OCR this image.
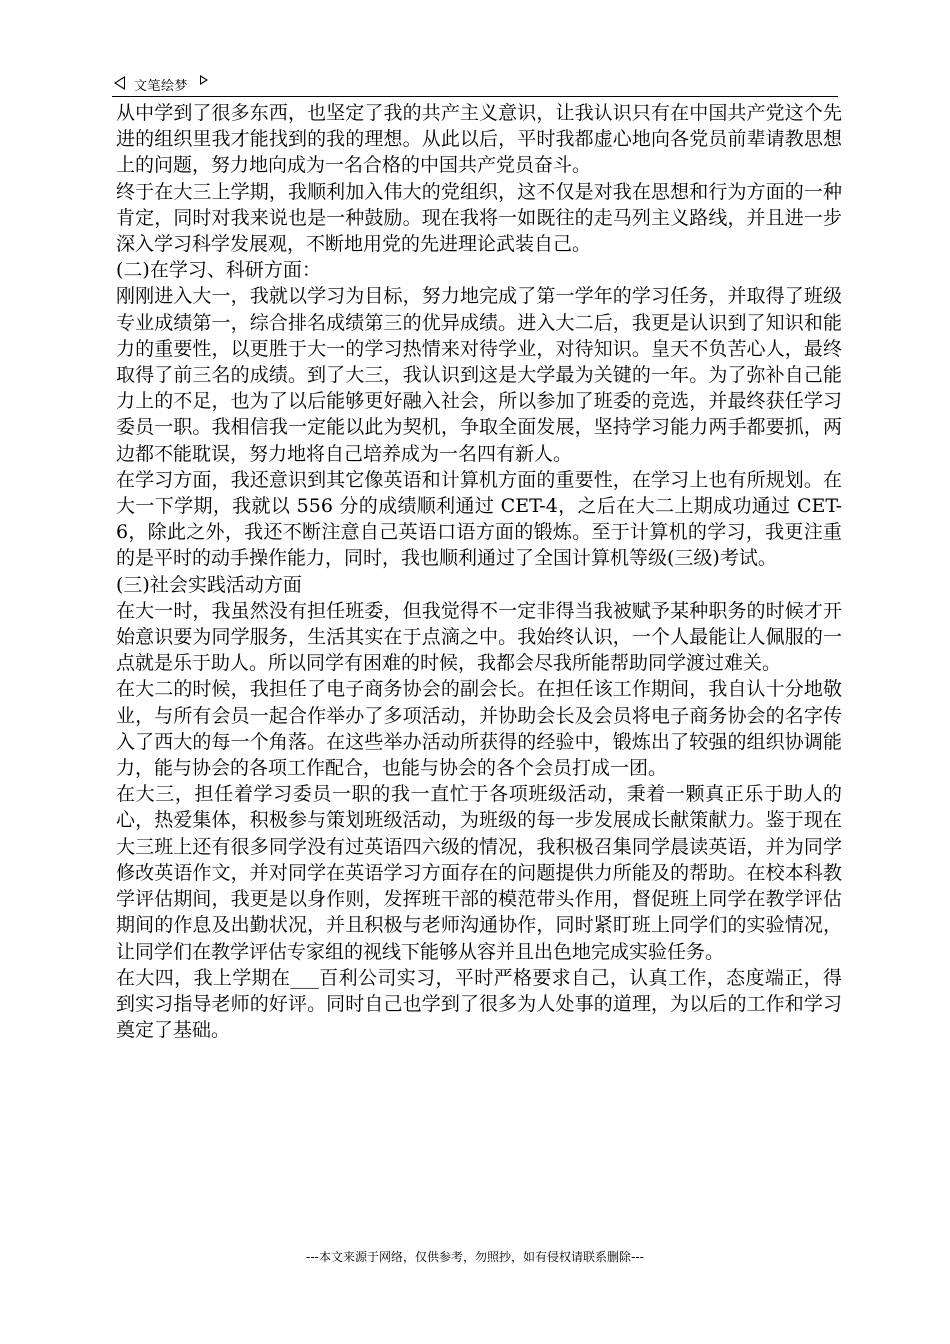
文笔绘梦

从中学到了很多东西，也坚定了我的共产主义意识，让我认识只有在中国共产党这个先进的组织里我才能找到的我的理想。从此以后，平时我都虚心地向各党员前辈请教思想上的问题，努力地向成为一名合格的中国共产党员奋斗。

终于在大三上学期，我顺利加入伟大的党组织，这不仅是对我在思想和行为方面的一种肯定，同时对我来说也是一种鼓励。现在我将一如既往的走马列主义路线，并且进一步深入学习科学发展观，不断地用党的先进理论武装自己。

(二)在学习、科研方面：

刚刚进入大一，我就以学习为目标，努力地完成了第一学年的学习任务，并取得了班级专业成绩第一，综合排名成绩第三的优异成绩。进入大二后，我更是认识到了知识和能力的重要性，以更胜于大一的学习热情来对待学业，对待知识。皇天不负苦心人，最终取得了前三名的成绩。到了大三，我认识到这是大学最为关键的一年。为了弥补自己能力上的不足，也为了以后能够更好融入社会，所以参加了班委的竞选，并最终获任学习委员一职。我相信我一定能以此为契机，争取全面发展，坚持学习能力两手都要抓，两边都不能耽误，努力地将自己培养成为一名四有新人。

在学习方面，我还意识到其它像英语和计算机方面的重要性，在学习上也有所规划。在大一下学期，我就以 556 分的成绩顺利通过 CET-4，之后在大二上期成功通过 CET-6，除此之外，我还不断注意自己英语口语方面的锻炼。至于计算机的学习，我更注重的是平时的动手操作能力，同时，我也顺利通过了全国计算机等级(三级)考试。

(三)社会实践活动方面

在大一时，我虽然没有担任班委，但我觉得不一定非得当我被赋予某种职务的时候才开始意识要为同学服务，生活其实在于点滴之中。我始终认识，一个人最能让人佩服的一点就是乐于助人。所以同学有困难的时候，我都会尽我所能帮助同学渡过难关。

在大二的时候，我担任了电子商务协会的副会长。在担任该工作期间，我自认十分地敬业，与所有会员一起合作举办了多项活动，并协助会长及会员将电子商务协会的名字传入了西大的每一个角落。在这些举办活动所获得的经验中，锻炼出了较强的组织协调能力，能与协会的各项工作配合，也能与协会的各个会员打成一团。

在大三，担任着学习委员一职的我一直忙于各项班级活动，秉着一颗真正乐于助人的心，热爱集体，积极参与策划班级活动，为班级的每一步发展成长献策献力。鉴于现在大三班上还有很多同学没有过英语四六级的情况，我积极召集同学晨读英语，并为同学修改英语作文，并对同学在英语学习方面存在的问题提供力所能及的帮助。在校本科教学评估期间，我更是以身作则，发挥班干部的模范带头作用，督促班上同学在教学评估期间的作息及出勤状况，并且积极与老师沟通协作，同时紧盯班上同学们的实验情况，让同学们在教学评估专家组的视线下能够从容并且出色地完成实验任务。

在大四，我上学期在___百利公司实习，平时严格要求自己，认真工作，态度端正，得到实习指导老师的好评。同时自己也学到了很多为人处事的道理，为以后的工作和学习奠定了基础。

---本文来源于网络，仅供参考，勿照抄，如有侵权请联系删除---
